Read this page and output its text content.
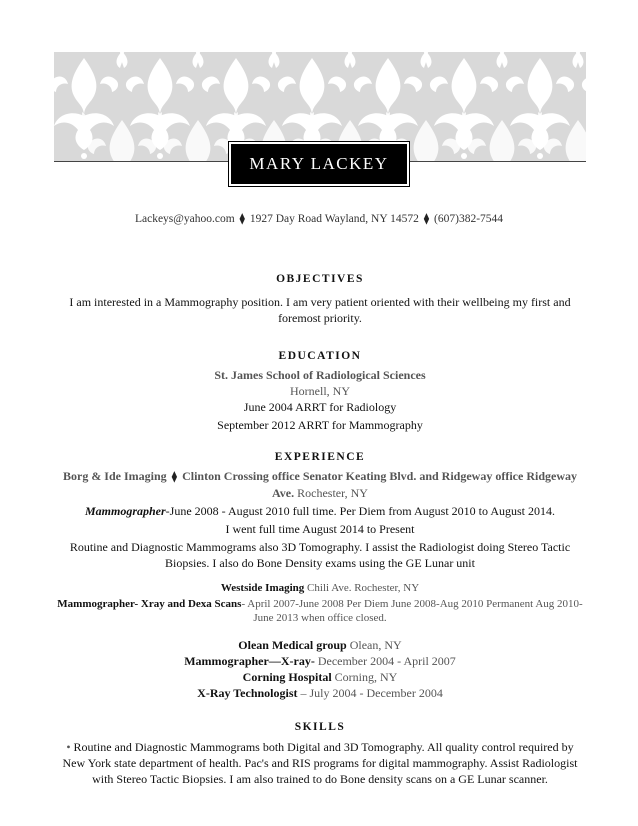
MARY LACKEY
Lackeys@yahoo.com ⧫ 1927 Day Road Wayland, NY 14572 ⧫ (607)382-7544

OBJECTIVES

I am interested in a Mammography position. I am very patient oriented with their wellbeing my first and foremost priority.

EDUCATION

St. James School of Radiological Sciences

Hornell, NY

June 2004 ARRT for Radiology

September 2012 ARRT for Mammography

EXPERIENCE

Borg & Ide Imaging ⧫ Clinton Crossing office Senator Keating Blvd. and Ridgeway office Ridgeway Ave. Rochester, NY

Mammographer-June 2008 - August 2010 full time. Per Diem from August 2010 to August 2014.

I went full time August 2014 to Present

Routine and Diagnostic Mammograms also 3D Tomography. I assist the Radiologist doing Stereo Tactic Biopsies. I also do Bone Density exams using the GE Lunar unit

Westside Imaging Chili Ave. Rochester, NY

Mammographer- Xray and Dexa Scans- April 2007-June 2008 Per Diem June 2008-Aug 2010 Permanent Aug 2010-June 2013 when office closed.

Olean Medical group Olean, NY

Mammographer—X-ray- December 2004 - April 2007

Corning Hospital Corning, NY

X-Ray Technologist – July 2004 - December 2004

SKILLS

• Routine and Diagnostic Mammograms both Digital and 3D Tomography. All quality control required by New York state department of health. Pac's and RIS programs for digital mammography. Assist Radiologist with Stereo Tactic Biopsies. I am also trained to do Bone density scans on a GE Lunar scanner.
